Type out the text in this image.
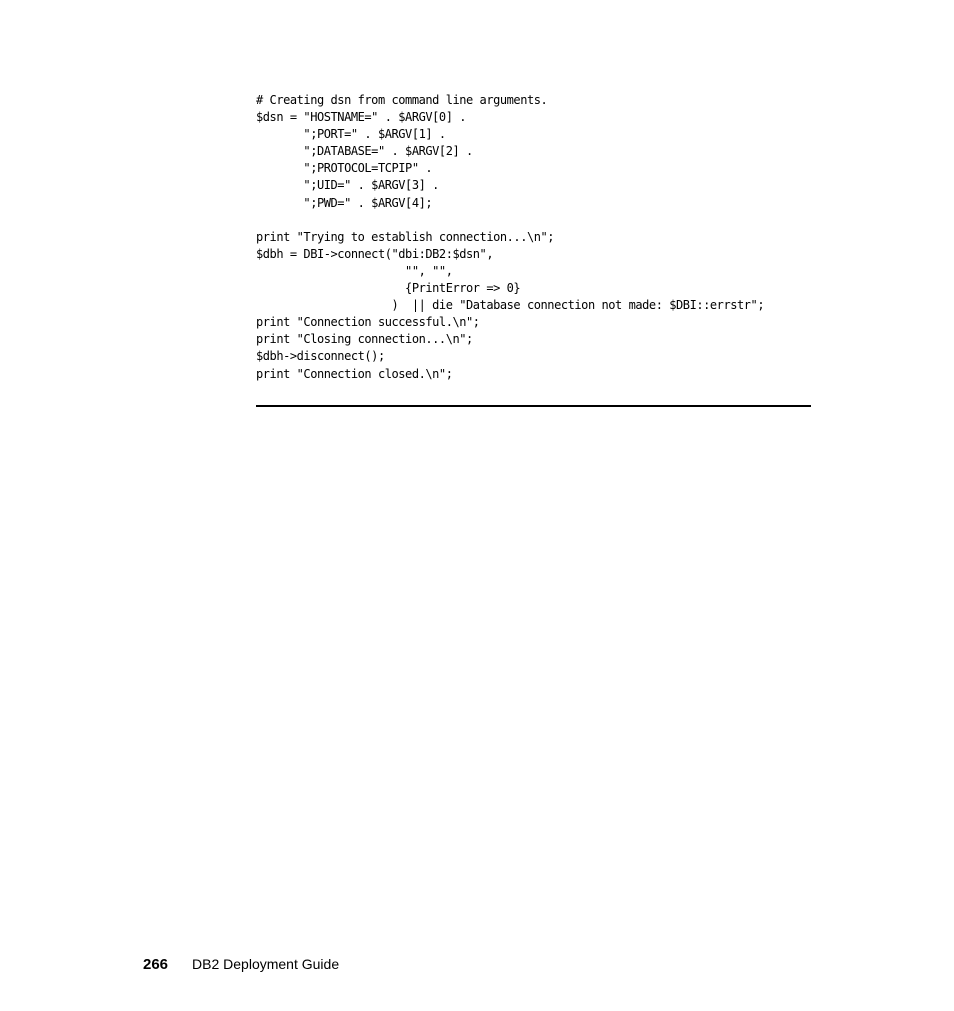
# Creating dsn from command line arguments.
$dsn = "HOSTNAME=" . $ARGV[0] .
";PORT=" . $ARGV[1] .
";DATABASE=" . $ARGV[2] .
";PROTOCOL=TCPIP" .
";UID=" . $ARGV[3] .
";PWD=" . $ARGV[4];
print "Trying to establish connection...\n";
$dbh = DBI->connect("dbi:DB2:$dsn",
"", "",
{PrintError => 0}
)  || die "Database connection not made: $DBI::errstr";
print "Connection successful.\n";
print "Closing connection...\n";
$dbh->disconnect();
print "Connection closed.\n";
266 DB2 Deployment Guide
